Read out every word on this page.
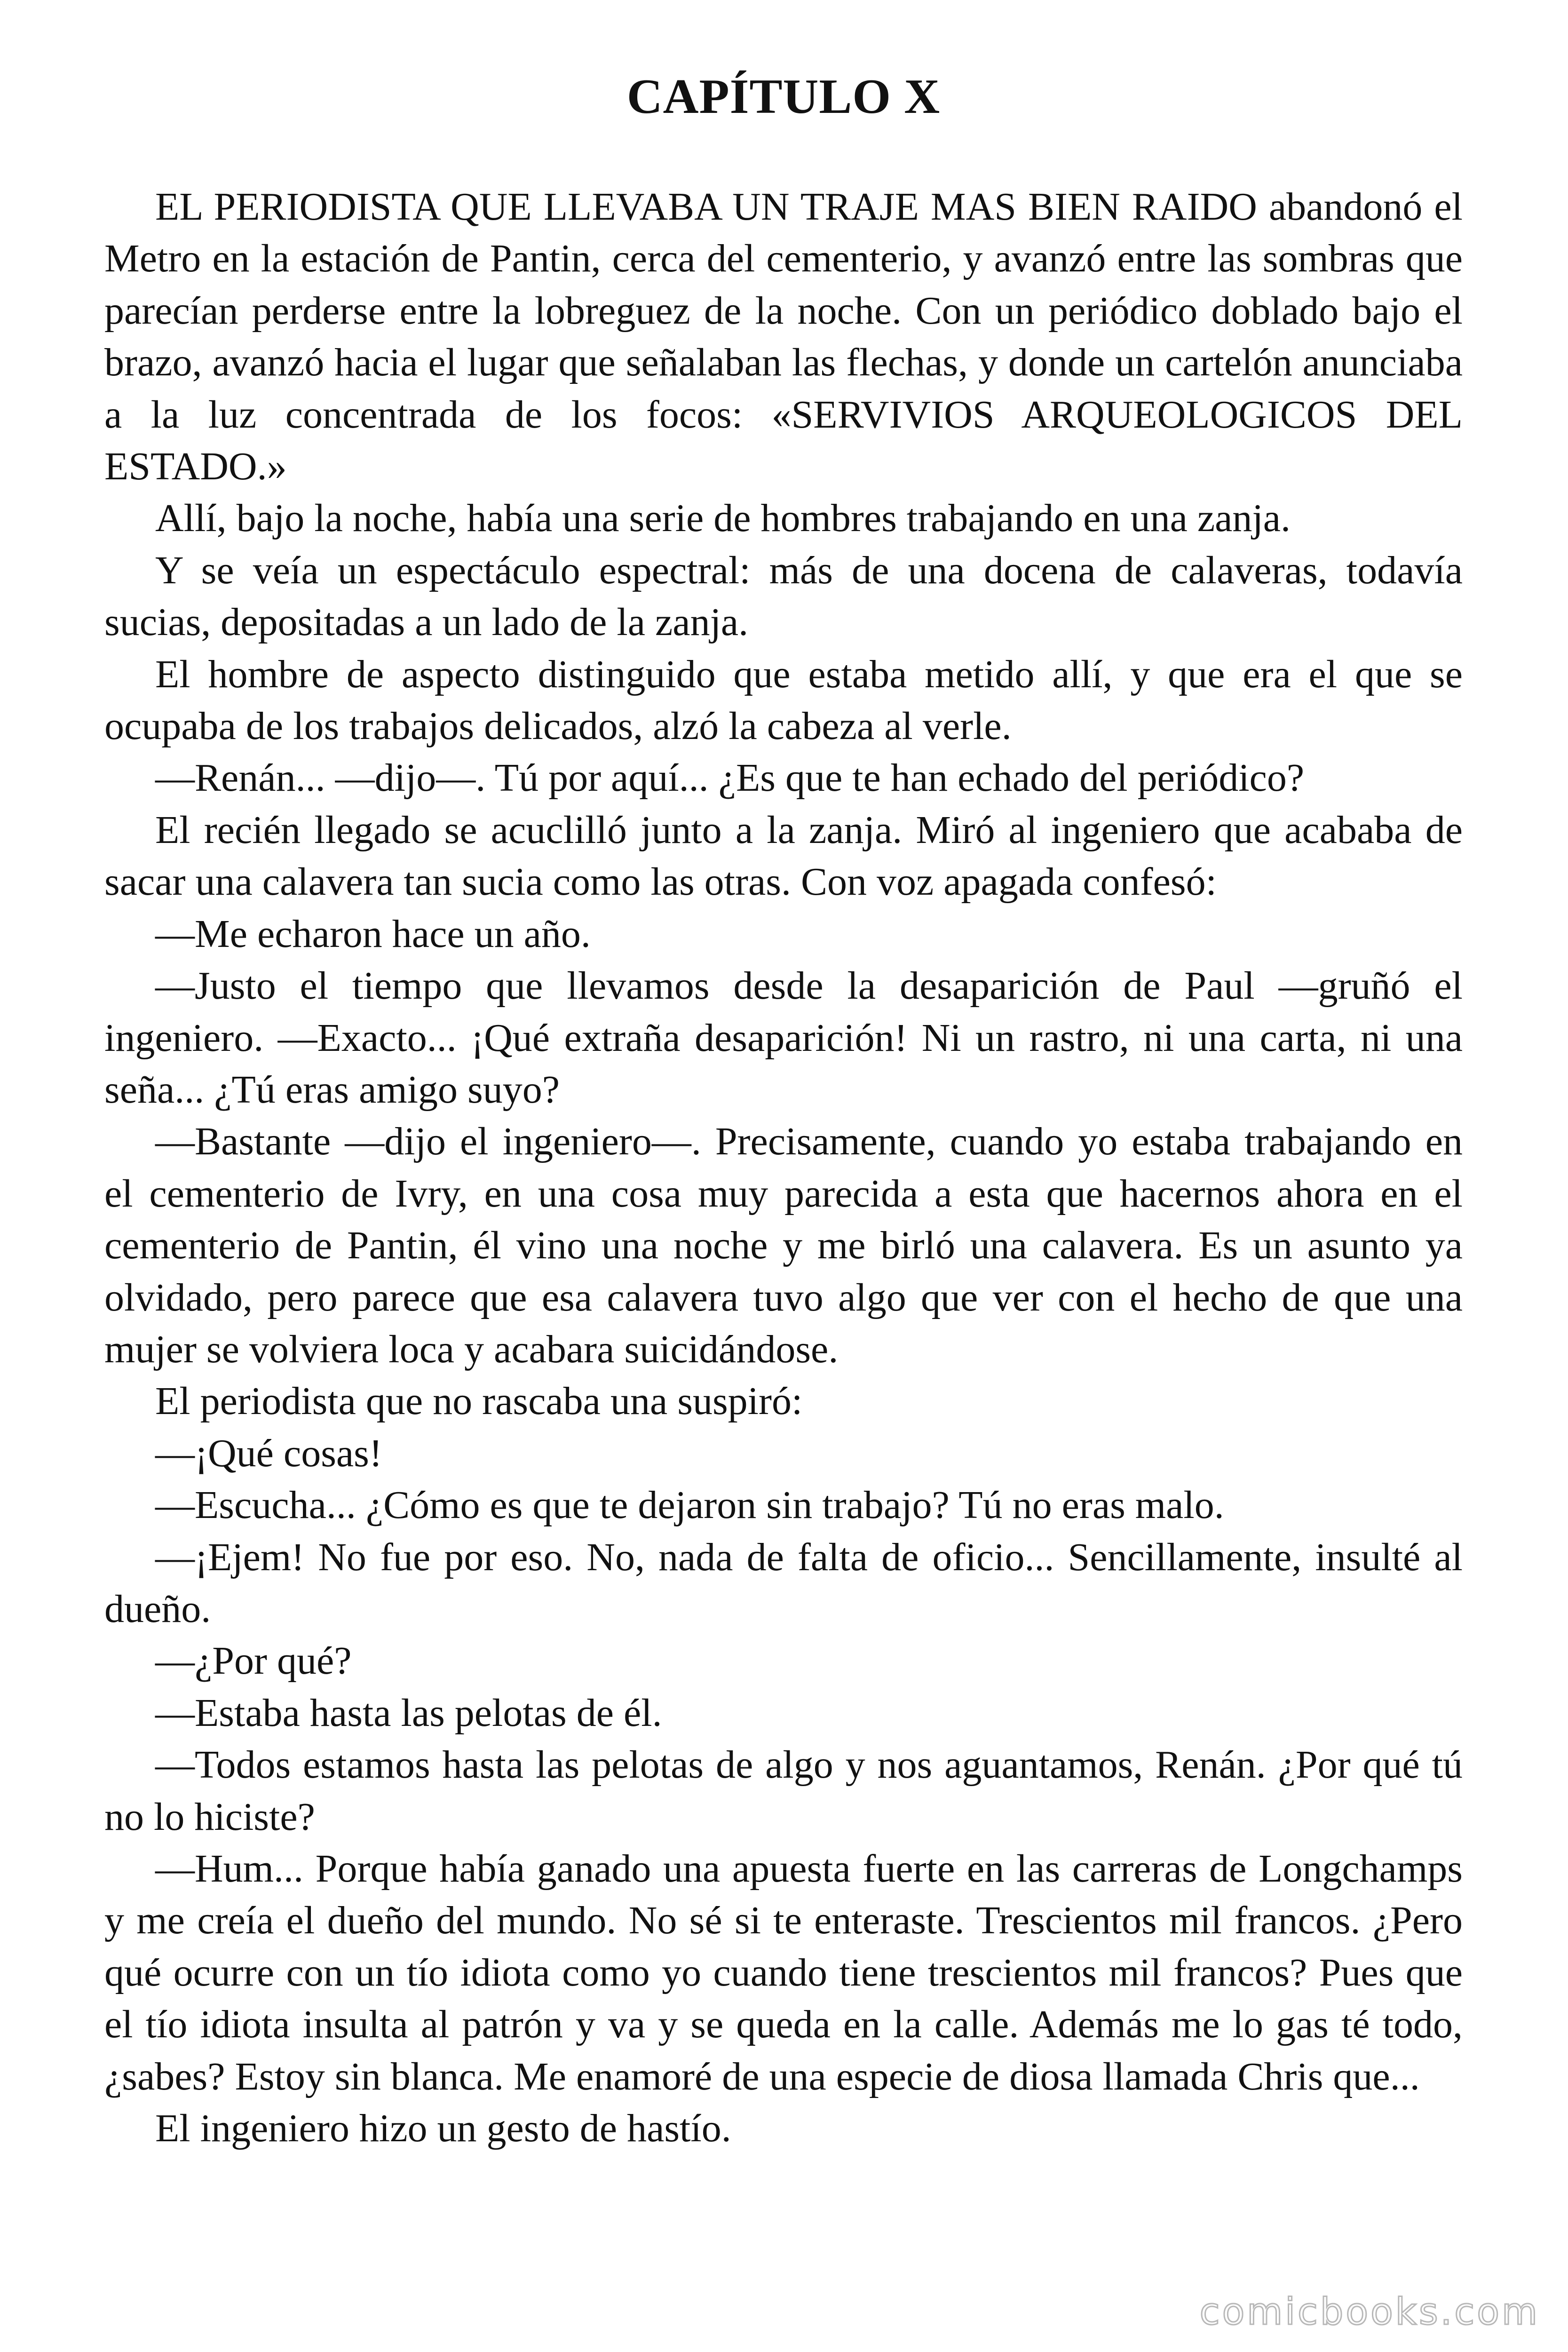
CAPÍTULO X

EL PERIODISTA QUE LLEVABA UN TRAJE MAS BIEN RAIDO abandonó el Metro en la estación de Pantin, cerca del cementerio, y avanzó entre las sombras que parecían perderse entre la lobreguez de la noche. Con un periódico doblado bajo el brazo, avanzó hacia el lugar que señalaban las flechas, y donde un cartelón anunciaba a la luz concentrada de los focos: «SERVIVIOS ARQUEOLOGICOS DEL ESTADO.»

Allí, bajo la noche, había una serie de hombres trabajando en una zanja.

Y se veía un espectáculo espectral: más de una docena de calaveras, todavía sucias, depositadas a un lado de la zanja.

El hombre de aspecto distinguido que estaba metido allí, y que era el que se ocupaba de los trabajos delicados, alzó la cabeza al verle.

—Renán... —dijo—. Tú por aquí... ¿Es que te han echado del periódico?

El recién llegado se acuclilló junto a la zanja. Miró al ingeniero que acababa de sacar una calavera tan sucia como las otras. Con voz apagada confesó:

—Me echaron hace un año.

—Justo el tiempo que llevamos desde la desaparición de Paul —gruñó el ingeniero. —Exacto... ¡Qué extraña desaparición! Ni un rastro, ni una carta, ni una seña... ¿Tú eras amigo suyo?

—Bastante —dijo el ingeniero—. Precisamente, cuando yo estaba trabajando en el cementerio de Ivry, en una cosa muy parecida a esta que hacernos ahora en el cementerio de Pantin, él vino una noche y me birló una calavera. Es un asunto ya olvidado, pero parece que esa calavera tuvo algo que ver con el hecho de que una mujer se volviera loca y acabara suicidándose.

El periodista que no rascaba una suspiró:

—¡Qué cosas!

—Escucha... ¿Cómo es que te dejaron sin trabajo? Tú no eras malo.

—¡Ejem! No fue por eso. No, nada de falta de oficio... Sencillamente, insulté al dueño.

—¿Por qué?

—Estaba hasta las pelotas de él.

—Todos estamos hasta las pelotas de algo y nos aguantamos, Renán. ¿Por qué tú no lo hiciste?

—Hum... Porque había ganado una apuesta fuerte en las carreras de Longchamps y me creía el dueño del mundo. No sé si te enteraste. Trescientos mil francos. ¿Pero qué ocurre con un tío idiota como yo cuando tiene trescientos mil francos? Pues que el tío idiota insulta al patrón y va y se queda en la calle. Además me lo gas té todo, ¿sabes? Estoy sin blanca. Me enamoré de una especie de diosa llamada Chris que...

El ingeniero hizo un gesto de hastío.

comicbooks.com
